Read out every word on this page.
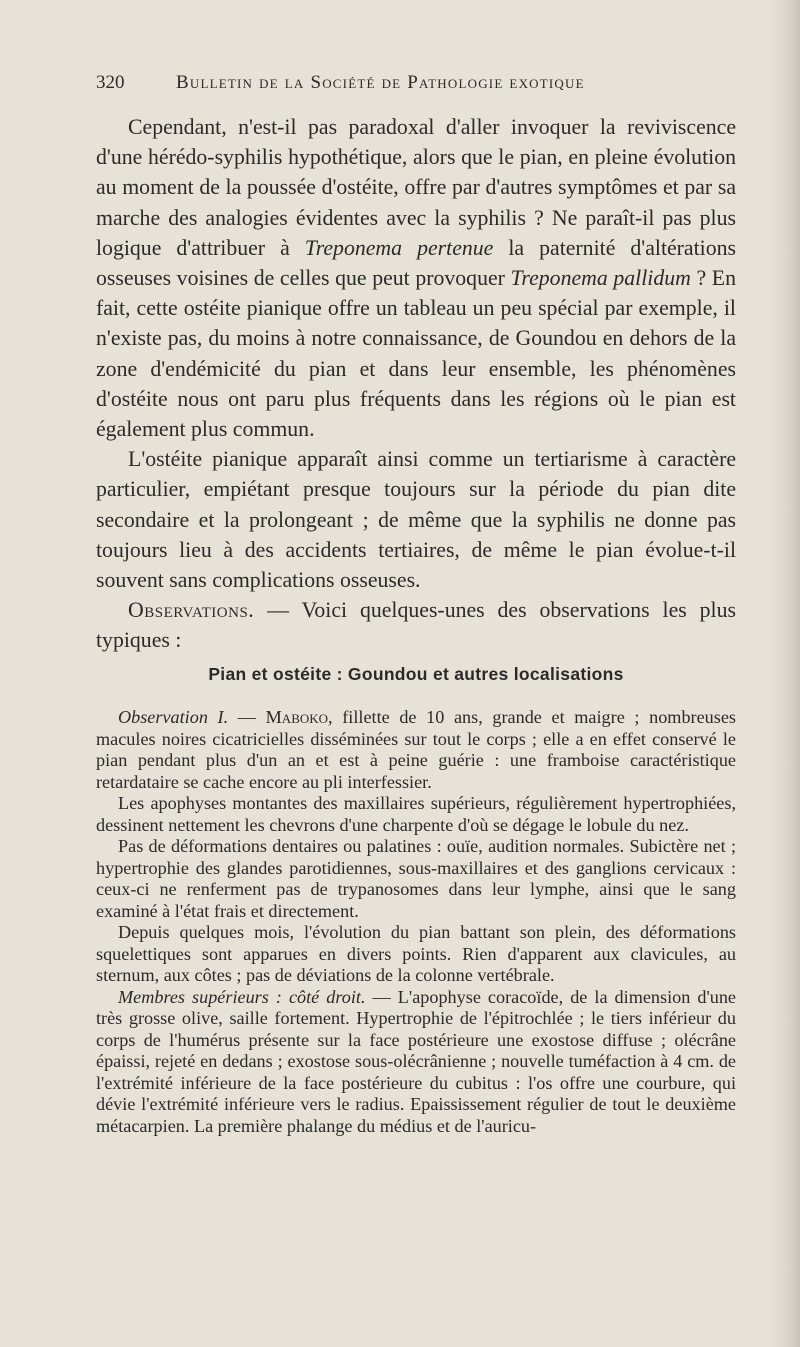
320	Bulletin de la Société de Pathologie exotique

Cependant, n'est-il pas paradoxal d'aller invoquer la reviviscence d'une hérédo-syphilis hypothétique, alors que le pian, en pleine évolution au moment de la poussée d'ostéite, offre par d'autres symptômes et par sa marche des analogies évidentes avec la syphilis ? Ne paraît-il pas plus logique d'attribuer à Treponema pertenue la paternité d'altérations osseuses voisines de celles que peut provoquer Treponema pallidum ? En fait, cette ostéite pianique offre un tableau un peu spécial par exemple, il n'existe pas, du moins à notre connaissance, de Goundou en dehors de la zone d'endémicité du pian et dans leur ensemble, les phénomènes d'ostéite nous ont paru plus fréquents dans les régions où le pian est également plus commun.

L'ostéite pianique apparaît ainsi comme un tertiarisme à caractère particulier, empiétant presque toujours sur la période du pian dite secondaire et la prolongeant ; de même que la syphilis ne donne pas toujours lieu à des accidents tertiaires, de même le pian évolue-t-il souvent sans complications osseuses.

Observations. — Voici quelques-unes des observations les plus typiques :

Pian et ostéite : Goundou et autres localisations

Observation I. — Maboko, fillette de 10 ans, grande et maigre ; nombreuses macules noires cicatricielles disséminées sur tout le corps ; elle a en effet conservé le pian pendant plus d'un an et est à peine guérie : une framboise caractéristique retardataire se cache encore au pli interfessier.

Les apophyses montantes des maxillaires supérieurs, régulièrement hypertrophiées, dessinent nettement les chevrons d'une charpente d'où se dégage le lobule du nez.

Pas de déformations dentaires ou palatines : ouïe, audition normales. Subictère net ; hypertrophie des glandes parotidiennes, sous-maxillaires et des ganglions cervicaux : ceux-ci ne renferment pas de trypanosomes dans leur lymphe, ainsi que le sang examiné à l'état frais et directement.

Depuis quelques mois, l'évolution du pian battant son plein, des déformations squelettiques sont apparues en divers points. Rien d'apparent aux clavicules, au sternum, aux côtes ; pas de déviations de la colonne vertébrale.

Membres supérieurs : côté droit. — L'apophyse coracoïde, de la dimension d'une très grosse olive, saille fortement. Hypertrophie de l'épitrochlée ; le tiers inférieur du corps de l'humérus présente sur la face postérieure une exostose diffuse ; olécrâne épaissi, rejeté en dedans ; exostose sous-olécrânienne ; nouvelle tuméfaction à 4 cm. de l'extrémité inférieure de la face postérieure du cubitus : l'os offre une courbure, qui dévie l'extrémité inférieure vers le radius. Epaississement régulier de tout le deuxième métacarpien. La première phalange du médius et de l'auricu-
